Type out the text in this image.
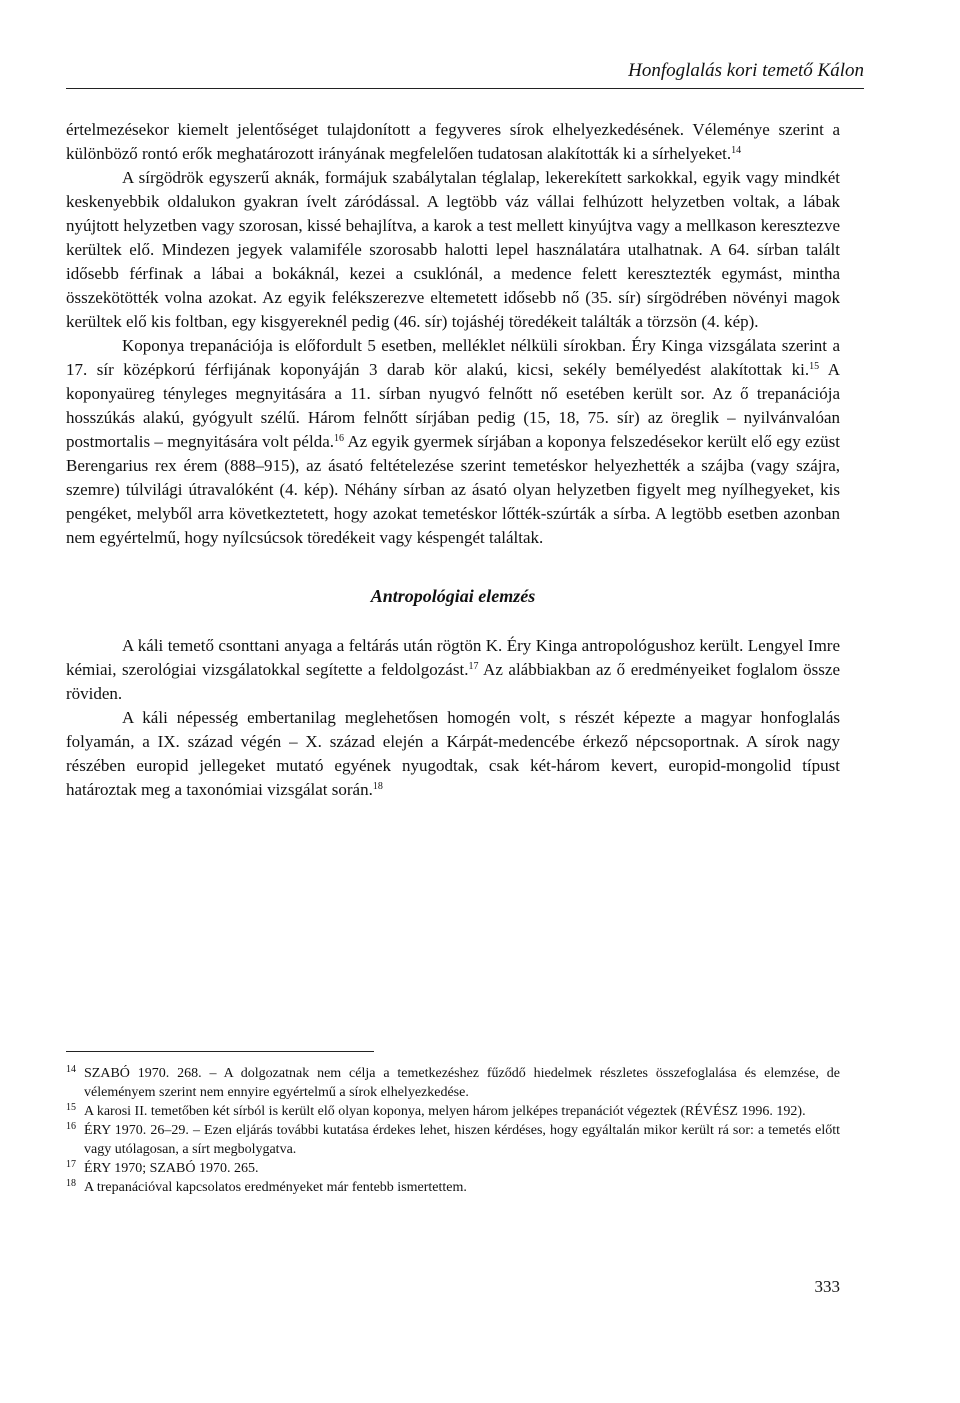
Honfoglalás kori temető Kálon

értelmezésekor kiemelt jelentőséget tulajdonított a fegyveres sírok elhelyezkedésének. Véleménye szerint a különböző rontó erők meghatározott irányának megfelelően tudatosan alakították ki a sírhelyeket.$^{14}$

A sírgödrök egyszerű aknák, formájuk szabálytalan téglalap, lekerekített sarkokkal, egyik vagy mindkét keskenyebbik oldalukon gyakran ívelt záródással. A legtöbb váz vállai felhúzott helyzetben voltak, a lábak nyújtott helyzetben vagy szorosan, kissé behajlítva, a karok a test mellett kinyújtva vagy a mellkason keresztezve kerültek elő. Mindezen jegyek valamiféle szorosabb halotti lepel használatára utalhatnak. A 64. sírban talált idősebb férfinak a lábai a bokáknál, kezei a csuklónál, a medence felett keresztezték egymást, mintha összekötötték volna azokat. Az egyik felékszerezve eltemetett idősebb nő (35. sír) sírgödrében növényi magok kerültek elő kis foltban, egy kisgyereknél pedig (46. sír) tojáshéj töredékeit találták a törzsön (4. kép).

Koponya trepanációja is előfordult 5 esetben, melléklet nélküli sírokban. Éry Kinga vizsgálata szerint a 17. sír középkorú férfijának koponyáján 3 darab kör alakú, kicsi, sekély bemélyedést alakítottak ki.$^{15}$ A koponyaüreg tényleges megnyitására a 11. sírban nyugvó felnőtt nő esetében került sor. Az ő trepanációja hosszúkás alakú, gyógyult szélű. Három felnőtt sírjában pedig (15, 18, 75. sír) az öreglik – nyilvánvalóan postmortalis – megnyitására volt példa.$^{16}$ Az egyik gyermek sírjában a koponya felszedésekor került elő egy ezüst Berengarius rex érem (888–915), az ásató feltételezése szerint temetéskor helyezhették a szájba (vagy szájra, szemre) túlvilági útravalóként (4. kép). Néhány sírban az ásató olyan helyzetben figyelt meg nyílhegyeket, kis pengéket, melyből arra következtetett, hogy azokat temetéskor lőtték-szúrták a sírba. A legtöbb esetben azonban nem egyértelmű, hogy nyílcsúcsok töredékeit vagy késpengét találtak.

Antropológiai elemzés

A káli temető csonttani anyaga a feltárás után rögtön K. Éry Kinga antropológushoz került. Lengyel Imre kémiai, szerológiai vizsgálatokkal segítette a feldolgozást.$^{17}$ Az alábbiakban az ő eredményeiket foglalom össze röviden.

A káli népesség embertanilag meglehetősen homogén volt, s részét képezte a magyar honfoglalás folyamán, a IX. század végén – X. század elején a Kárpát-medencébe érkező népcsoportnak. A sírok nagy részében europid jellegeket mutató egyének nyugodtak, csak két-három kevert, europid-mongolid típust határoztak meg a taxonómiai vizsgálat során.$^{18}$

14 SZABÓ 1970. 268. – A dolgozatnak nem célja a temetkezéshez fűződő hiedelmek részletes összefoglalása és elemzése, de véleményem szerint nem ennyire egyértelmű a sírok elhelyezkedése.

15 A karosi II. temetőben két sírból is került elő olyan koponya, melyen három jelképes trepanációt végeztek (RÉVÉSZ 1996. 192).

16 ÉRY 1970. 26–29. – Ezen eljárás további kutatása érdekes lehet, hiszen kérdéses, hogy egyáltalán mikor került rá sor: a temetés előtt vagy utólagosan, a sírt megbolygatva.

17 ÉRY 1970; SZABÓ 1970. 265.

18 A trepanációval kapcsolatos eredményeket már fentebb ismertettem.

333
